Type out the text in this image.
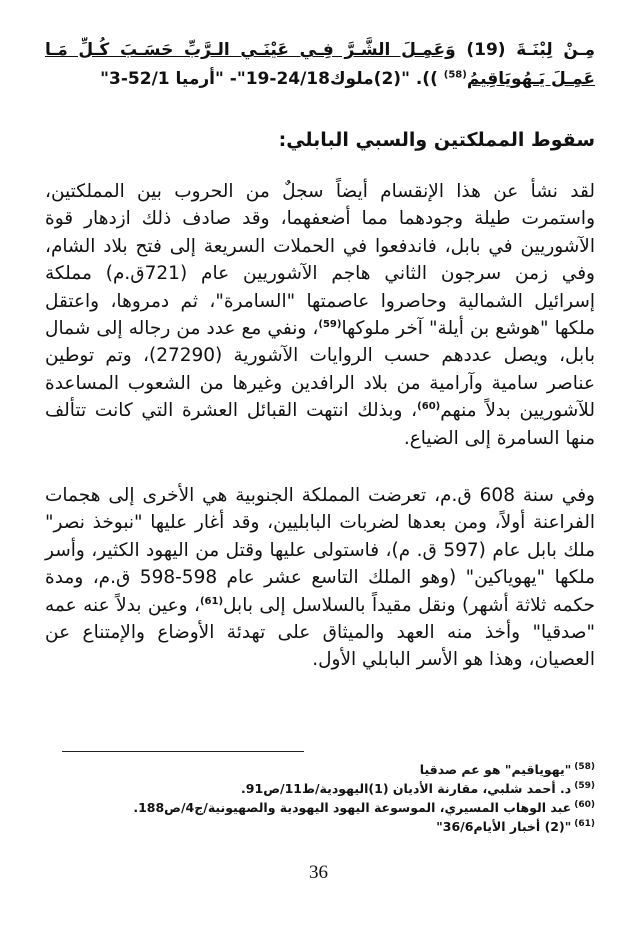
مِـنْ لِبْنَـةَ (19) وَعَمِـلَ الشَّـرَّ فِـي عَيْنَـي الـرَّبِّ حَسَـبَ كُـلِّ مَـا عَمِـلَ يَـهُويَاقِيمُ$^{(58)}$ )). "(2)ملوك24/18-19"- "أرميا 52/1-3"
سقوط المملكتين والسبي البابلي:
لقد نشأ عن هذا الإنقسام أيضاً سجلٌ من الحروب بين المملكتين، واستمرت طيلة وجودهما مما أضعفهما، وقد صادف ذلك ازدهار قوة الآشوريين في بابل، فاندفعوا في الحملات السريعة إلى فتح بلاد الشام، وفي زمن سرجون الثاني هاجم الآشوريين عام (721ق.م) مملكة إسرائيل الشمالية وحاصروا عاصمتها "السامرة"، ثم دمروها، واعتقل ملكها "هوشع بن أيلة" آخر ملوكها$^{(59)}$، ونفي مع عدد من رجاله إلى شمال بابل، ويصل عددهم حسب الروايات الآشورية (27290)، وتم توطين عناصر سامية وآرامية من بلاد الرافدين وغيرها من الشعوب المساعدة للآشوريين بدلاً منهم$^{(60)}$، وبذلك انتهت القبائل العشرة التي كانت تتألف منها السامرة إلى الضياع.
وفي سنة 608 ق.م، تعرضت المملكة الجنوبية هي الأخرى إلى هجمات الفراعنة أولاً، ومن بعدها لضربات البابليين، وقد أغار عليها "نبوخذ نصر" ملك بابل عام (597 ق. م)، فاستولى عليها وقتل من اليهود الكثير، وأسر ملكها "يهوياكين" (وهو الملك التاسع عشر عام 598-598 ق.م، ومدة حكمه ثلاثة أشهر) ونقل مقيداً بالسلاسل إلى بابل$^{(61)}$، وعين بدلاً عنه عمه "صدقيا" وأخذ منه العهد والميثاق على تهدئة الأوضاع والإمتناع عن العصيان، وهذا هو الأسر البابلي الأول.
$^{(58)}$"يهوياقيم" هو عم صدقيا
$^{(59)}$د. أحمد شلبي، مقارنة الأديان (1)اليهودية/ط11/ص91.
$^{(60)}$عبد الوهاب المسيري، الموسوعة اليهود اليهودية والصهيونية/ج4/ص188.
$^{(61)}$"(2) أخبار الأيام36/6"
36
